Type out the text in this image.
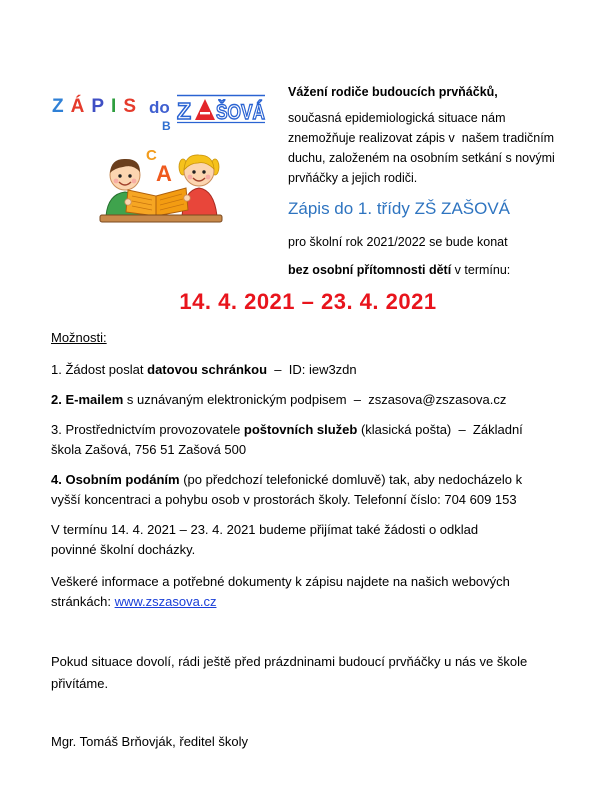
ZÁPIS do Z ŠOVÁ
B
C
A
Vážení rodiče budoucích prvňáčků,
současná epidemiologická situace nám
znemožňuje realizovat zápis v  našem tradičním
duchu, založeném na osobním setkání s novými
prvňáčky a jejich rodiči.
Zápis do 1. třídy ZŠ ZAŠOVÁ
pro školní rok 2021/2022 se bude konat
bez osobní přítomnosti dětí v termínu:
14. 4. 2021 – 23. 4. 2021
Možnosti:
1. Žádost poslat datovou schránkou  –  ID: iew3zdn
2. E-mailem s uznávaným elektronickým podpisem  –  zszasova@zszasova.cz
3. Prostřednictvím provozovatele poštovních služeb (klasická pošta)  –  Základní
škola Zašová, 756 51 Zašová 500
4. Osobním podáním (po předchozí telefonické domluvě) tak, aby nedocházelo k
vyšší koncentraci a pohybu osob v prostorách školy. Telefonní číslo: 704 609 153
V termínu 14. 4. 2021 – 23. 4. 2021 budeme přijímat také žádosti o odklad
povinné školní docházky.
Veškeré informace a potřebné dokumenty k zápisu najdete na našich webových
stránkách: www.zszasova.cz
Pokud situace dovolí, rádi ještě před prázdninami budoucí prvňáčky u nás ve škole
přivítáme.
Mgr. Tomáš Brňovják, ředitel školy
